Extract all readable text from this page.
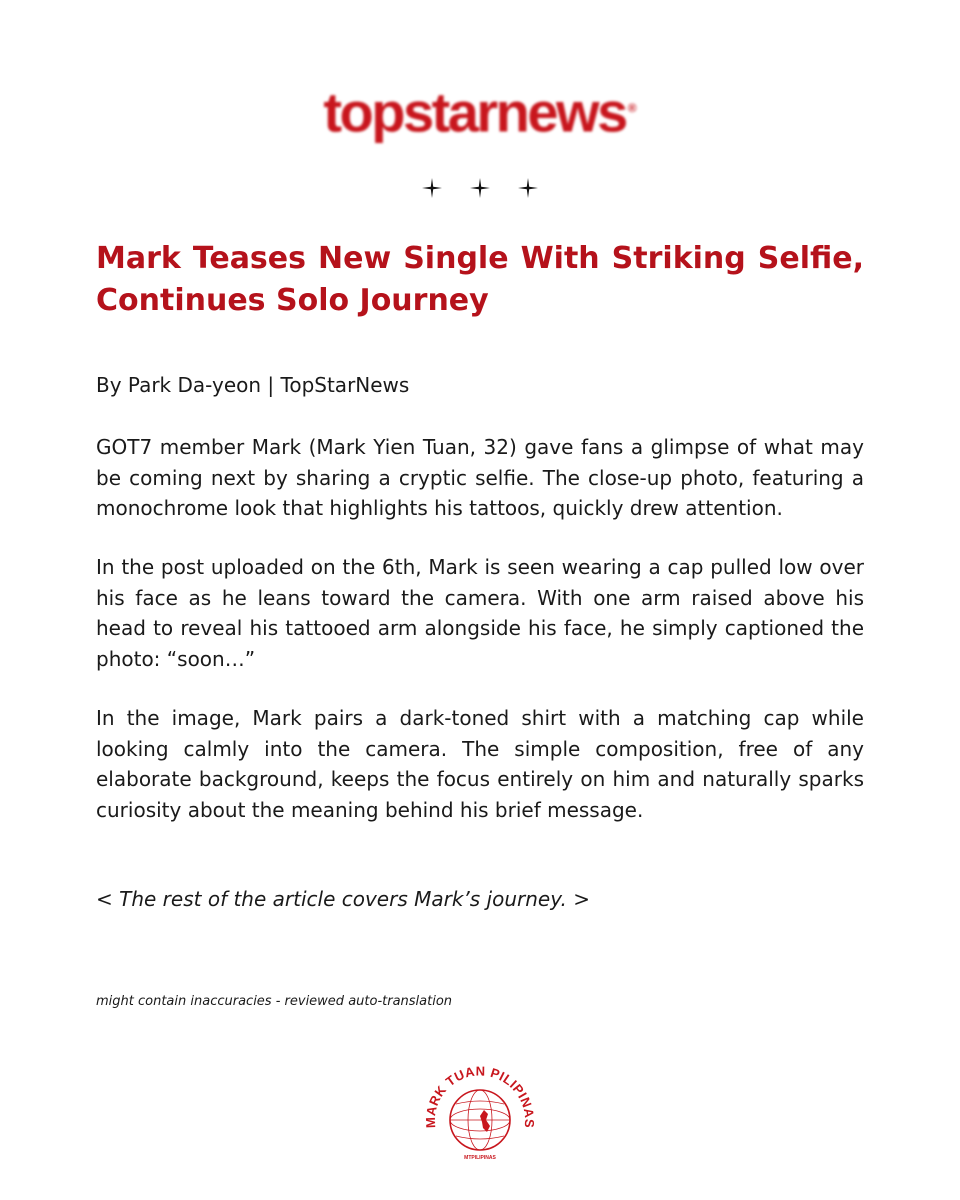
topstarnews ®
Mark Teases New Single With Striking Selfie, Continues Solo Journey

By Park Da-yeon | TopStarNews

GOT7 member Mark (Mark Yien Tuan, 32) gave fans a glimpse of what may be coming next by sharing a cryptic selfie. The close-up photo, featuring a monochrome look that highlights his tattoos, quickly drew attention.

In the post uploaded on the 6th, Mark is seen wearing a cap pulled low over his face as he leans toward the camera. With one arm raised above his head to reveal his tattooed arm alongside his face, he simply captioned the photo: “soon…”

In the image, Mark pairs a dark-toned shirt with a matching cap while looking calmly into the camera. The simple composition, free of any elaborate background, keeps the focus entirely on him and naturally sparks curiosity about the meaning behind his brief message.

< The rest of the article covers Mark’s journey. >

might contain inaccuracies - reviewed auto-translation

MARK TUAN PILIPINAS
MTPILIPINAS
